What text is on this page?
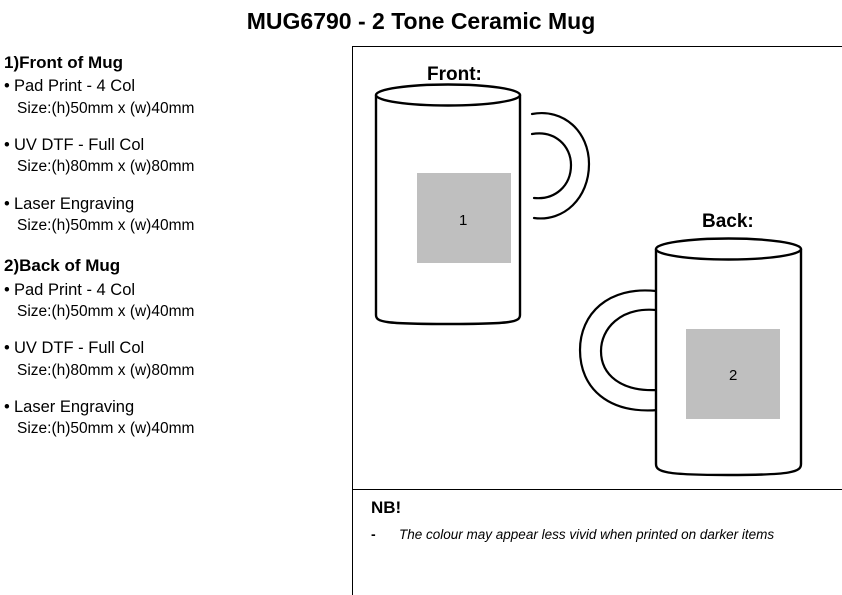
MUG6790 - 2 Tone Ceramic Mug
1)Front of Mug
• Pad Print - 4 Col
Size:(h)50mm x (w)40mm
• UV DTF - Full Col
Size:(h)80mm x (w)80mm
• Laser Engraving
Size:(h)50mm x (w)40mm
2)Back of Mug
• Pad Print - 4 Col
Size:(h)50mm x (w)40mm
• UV DTF - Full Col
Size:(h)80mm x (w)80mm
• Laser Engraving
Size:(h)50mm x (w)40mm
Front:
Back:
1
2
NB!
-	The colour may appear less vivid when printed on darker items
